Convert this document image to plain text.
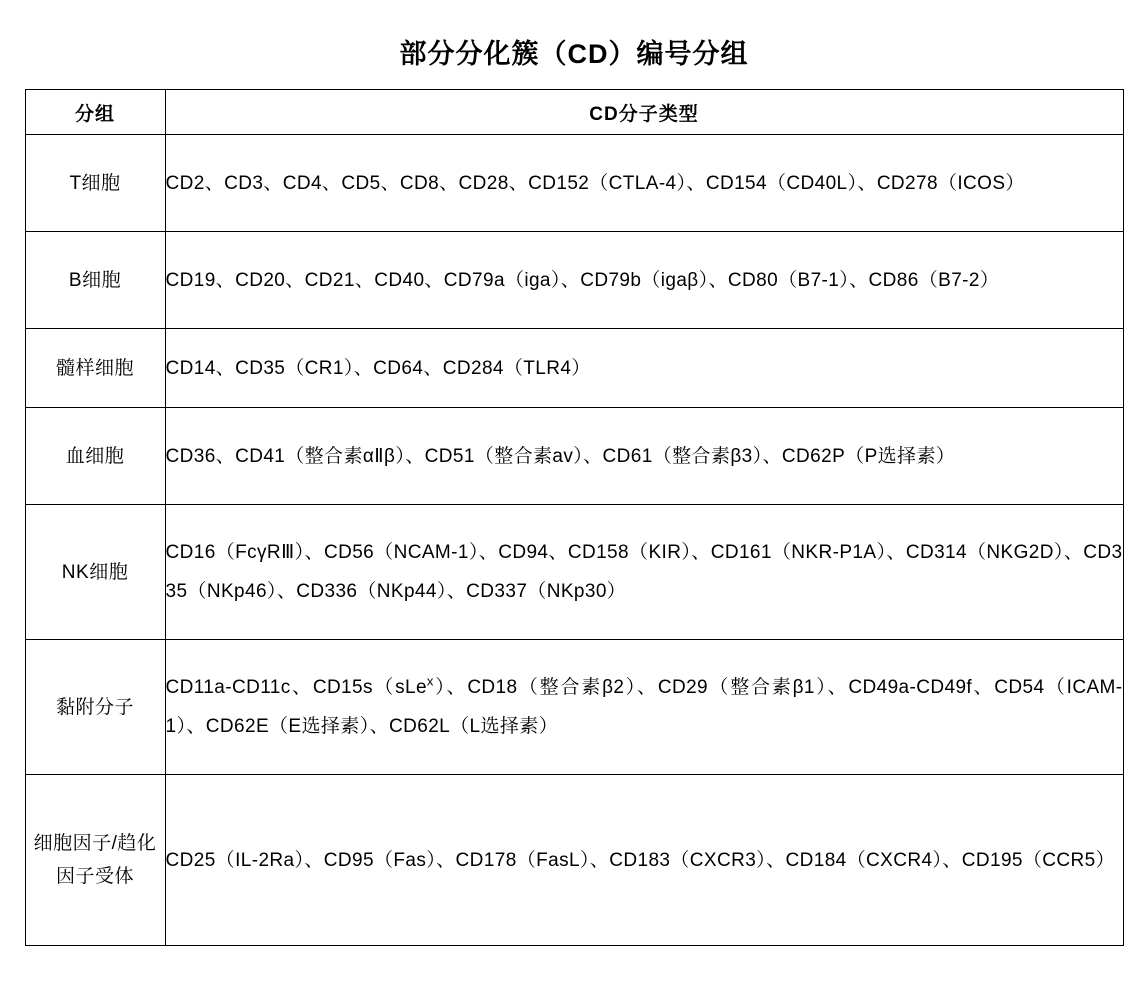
部分分化簇（CD）编号分组
分组	CD分子类型
T细胞	CD2、CD3、CD4、CD5、CD8、CD28、CD152（CTLA-4）、CD154（CD40L）、CD278（ICOS）
B细胞	CD19、CD20、CD21、CD40、CD79a（iga）、CD79b（igaβ）、CD80（B7-1）、CD86（B7-2）
髓样细胞	CD14、CD35（CR1）、CD64、CD284（TLR4）
血细胞	CD36、CD41（整合素αⅡβ）、CD51（整合素av）、CD61（整合素β3）、CD62P（P选择素）
NK细胞	CD16（FcγRⅢ）、CD56（NCAM-1）、CD94、CD158（KIR）、CD161（NKR-P1A）、CD314（NKG2D）、CD335（NKp46）、CD336（NKp44）、CD337（NKp30）
黏附分子	CD11a-CD11c、CD15s（sLe$^x$）、CD18（整合素β2）、CD29（整合素β1）、CD49a-CD49f、CD54（ICAM-1）、CD62E（E选择素）、CD62L（L选择素）
细胞因子/趋化因子受体	CD25（IL-2Ra）、CD95（Fas）、CD178（FasL）、CD183（CXCR3）、CD184（CXCR4）、CD195（CCR5）
